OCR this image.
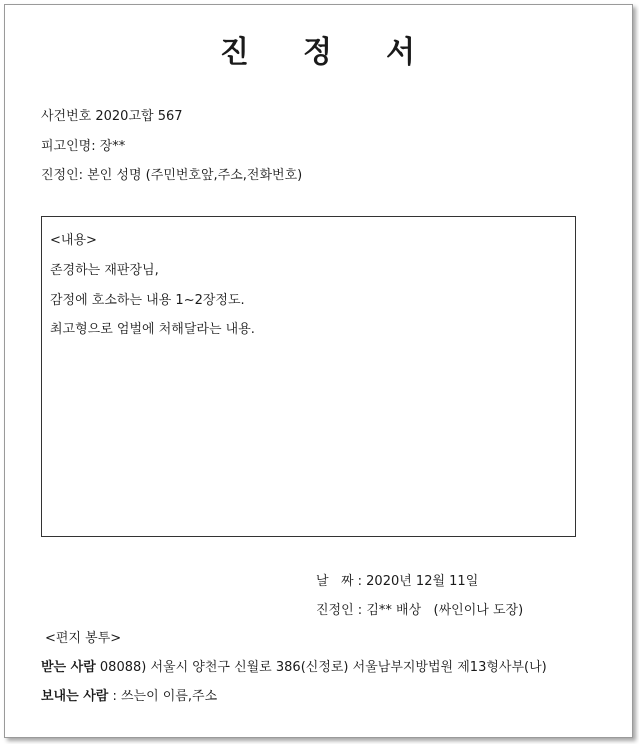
진 정 서
사건번호 2020고합 567
피고인명: 장**
진정인: 본인 성명 (주민번호앞,주소,전화번호)
<내용>
존경하는 재판장님,
감정에 호소하는 내용 1~2장정도.
최고형으로 엄벌에 처해달라는 내용.
날   짜 : 2020년 12월 11일
진정인 : 김** 배상   (싸인이나 도장)
<편지 봉투>
받는 사람 08088) 서울시 양천구 신월로 386(신정로) 서울남부지방법원 제13형사부(나)
보내는 사람 : 쓰는이 이름,주소
